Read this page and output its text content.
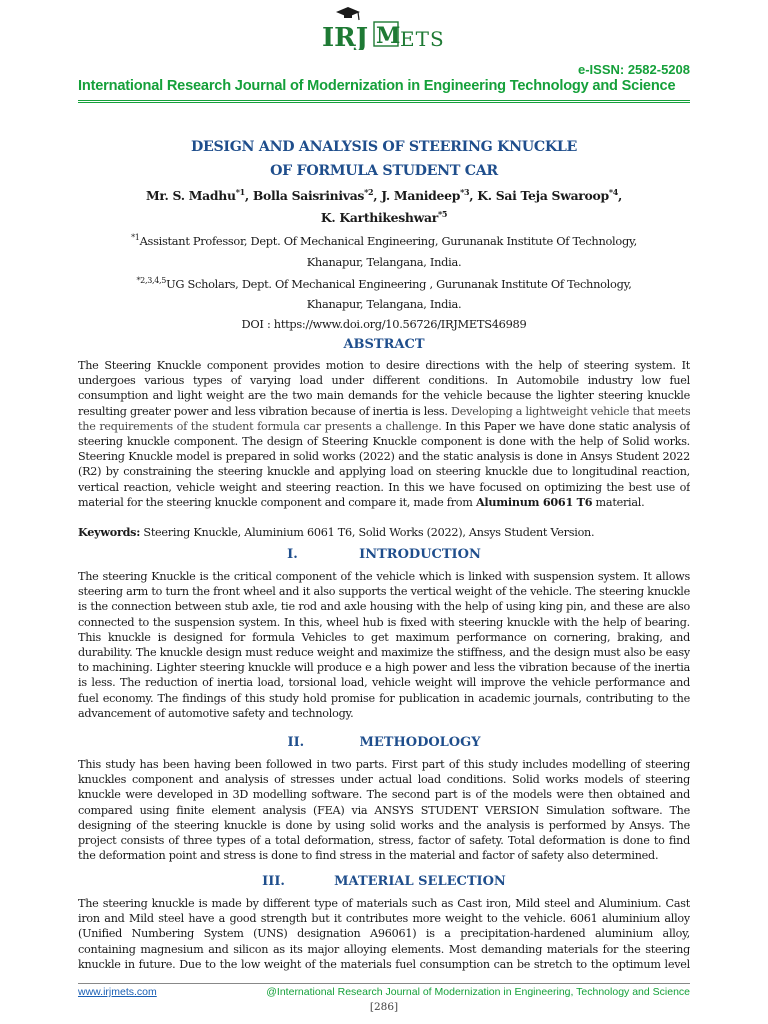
IRJ M ETS
e-ISSN: 2582-5208
International Research Journal of Modernization in Engineering Technology and Science
DESIGN AND ANALYSIS OF STEERING KNUCKLE
OF FORMULA STUDENT CAR
Mr. S. Madhu$^{*1}$, Bolla Saisrinivas$^{*2}$, J. Manideep$^{*3}$, K. Sai Teja Swaroop$^{*4}$,
K. Karthikeshwar$^{*5}$
$^{*1}$Assistant Professor, Dept. Of Mechanical Engineering, Gurunanak Institute Of Technology,
Khanapur, Telangana, India.
$^{*2,3,4,5}$UG Scholars, Dept. Of Mechanical Engineering , Gurunanak Institute Of Technology,
Khanapur, Telangana, India.
DOI : https://www.doi.org/10.56726/IRJMETS46989
ABSTRACT
The Steering Knuckle component provides motion to desire directions with the help of steering system. It
undergoes various types of varying load under different conditions. In Automobile industry low fuel
consumption and light weight are the two main demands for the vehicle because the lighter steering knuckle
resulting greater power and less vibration because of inertia is less. Developing a lightweight vehicle that meets
the requirements of the student formula car presents a challenge. In this Paper we have done static analysis of
steering knuckle component. The design of Steering Knuckle component is done with the help of Solid works.
Steering Knuckle model is prepared in solid works (2022) and the static analysis is done in Ansys Student 2022
(R2) by constraining the steering knuckle and applying load on steering knuckle due to longitudinal reaction,
vertical reaction, vehicle weight and steering reaction. In this we have focused on optimizing the best use of
material for the steering knuckle component and compare it, made from Aluminum 6061 T6 material.
Keywords: Steering Knuckle, Aluminium 6061 T6, Solid Works (2022), Ansys Student Version.
I.	INTRODUCTION
The steering Knuckle is the critical component of the vehicle which is linked with suspension system. It allows
steering arm to turn the front wheel and it also supports the vertical weight of the vehicle. The steering knuckle
is the connection between stub axle, tie rod and axle housing with the help of using king pin, and these are also
connected to the suspension system. In this, wheel hub is fixed with steering knuckle with the help of bearing.
This knuckle is designed for formula Vehicles to get maximum performance on cornering, braking, and
durability. The knuckle design must reduce weight and maximize the stiffness, and the design must also be easy
to machining. Lighter steering knuckle will produce e a high power and less the vibration because of the inertia
is less. The reduction of inertia load, torsional load, vehicle weight will improve the vehicle performance and
fuel economy. The findings of this study hold promise for publication in academic journals, contributing to the
advancement of automotive safety and technology.
II.	METHODOLOGY
This study has been having been followed in two parts. First part of this study includes modelling of steering
knuckles component and analysis of stresses under actual load conditions. Solid works models of steering
knuckle were developed in 3D modelling software. The second part is of the models were then obtained and
compared using finite element analysis (FEA) via ANSYS STUDENT VERSION Simulation software. The
designing of the steering knuckle is done by using solid works and the analysis is performed by Ansys. The
project consists of three types of a total deformation, stress, factor of safety. Total deformation is done to find
the deformation point and stress is done to find stress in the material and factor of safety also determined.
III.	MATERIAL SELECTION
The steering knuckle is made by different type of materials such as Cast iron, Mild steel and Aluminium. Cast
iron and Mild steel have a good strength but it contributes more weight to the vehicle. 6061 aluminium alloy
(Unified Numbering System (UNS) designation A96061) is a precipitation-hardened aluminium alloy,
containing magnesium and silicon as its major alloying elements. Most demanding materials for the steering
knuckle in future. Due to the low weight of the materials fuel consumption can be stretch to the optimum level
www.irjmets.com	@International Research Journal of Modernization in Engineering, Technology and Science
[286]
